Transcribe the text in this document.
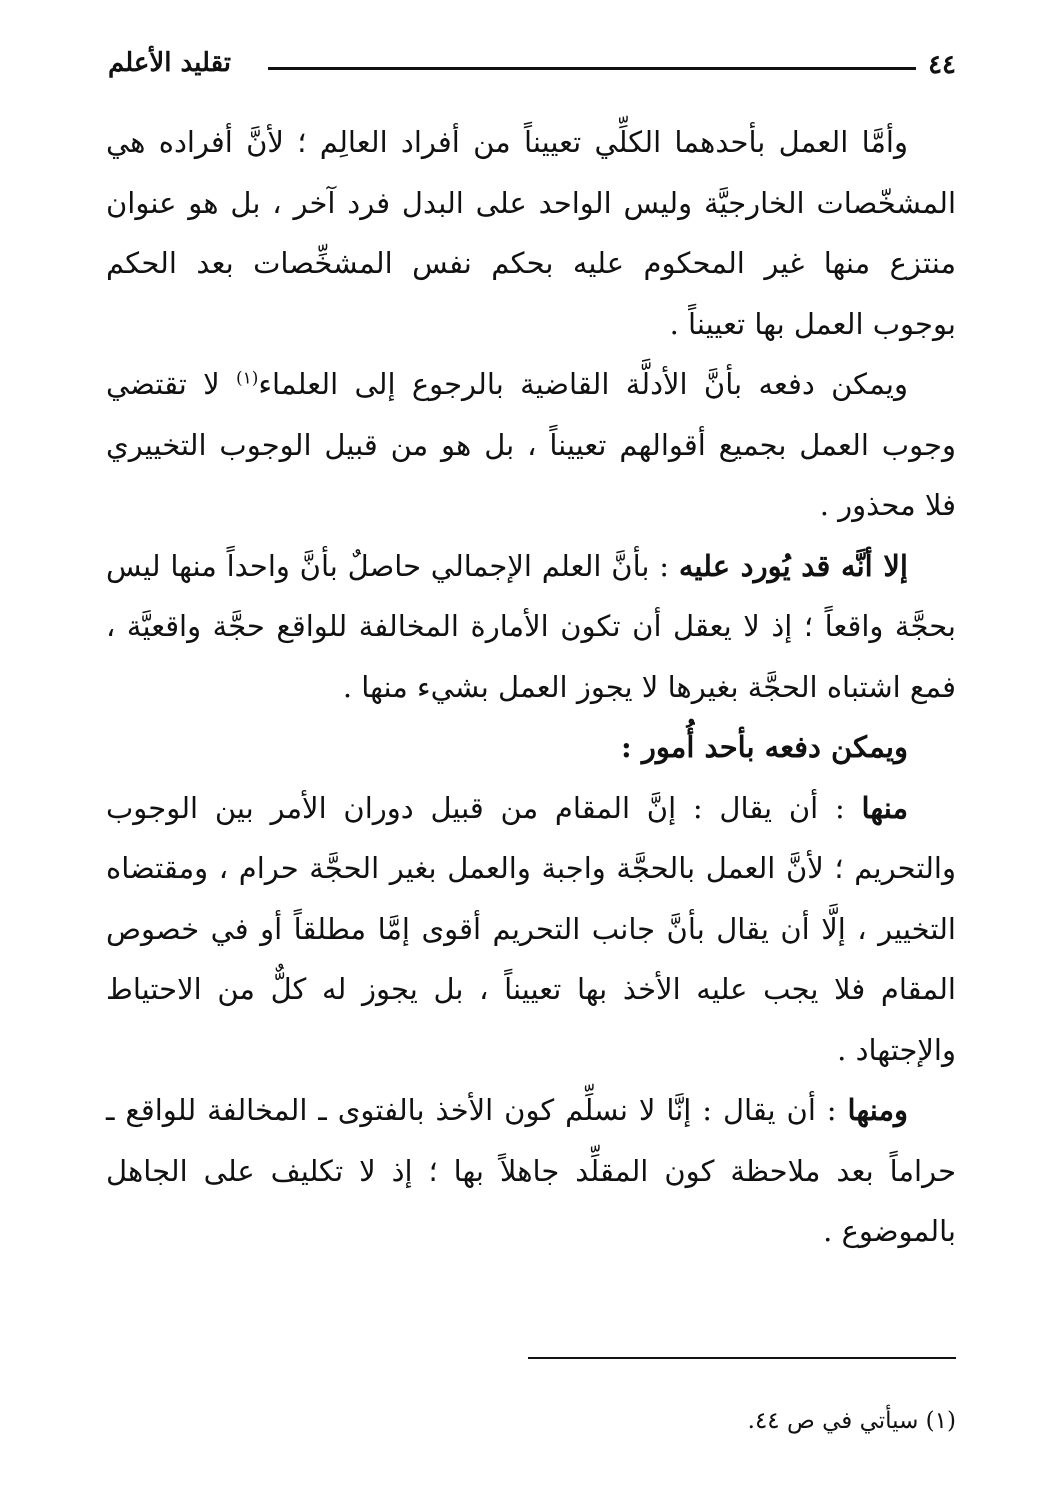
٤٤
تقليد الأعلم

وأمَّا العمل بأحدهما الكلِّي تعييناً من أفراد العالِم ؛ لأنَّ أفراده هي المشخّصات الخارجيَّة وليس الواحد على البدل فرد آخر ، بل هو عنوان منتزع منها غير المحكوم عليه بحكم نفس المشخِّصات بعد الحكم بوجوب العمل بها تعييناً .

ويمكن دفعه بأنَّ الأدلَّة القاضية بالرجوع إلى العلماء$^{(١)}$ لا تقتضي وجوب العمل بجميع أقوالهم تعييناً ، بل هو من قبيل الوجوب التخييري فلا محذور .

إلا أنَّه قد يُورد عليه : بأنَّ العلم الإجمالي حاصلٌ بأنَّ واحداً منها ليس بحجَّة واقعاً ؛ إذ لا يعقل أن تكون الأمارة المخالفة للواقع حجَّة واقعيَّة ، فمع اشتباه الحجَّة بغيرها لا يجوز العمل بشيء منها .

ويمكن دفعه بأحد أُمور :

منها : أن يقال : إنَّ المقام من قبيل دوران الأمر بين الوجوب والتحريم ؛ لأنَّ العمل بالحجَّة واجبة والعمل بغير الحجَّة حرام ، ومقتضاه التخيير ، إلَّا أن يقال بأنَّ جانب التحريم أقوى إمَّا مطلقاً أو في خصوص المقام فلا يجب عليه الأخذ بها تعييناً ، بل يجوز له كلٌّ من الاحتياط والإجتهاد .

ومنها : أن يقال : إنَّا لا نسلِّم كون الأخذ بالفتوى ـ المخالفة للواقع ـ حراماً بعد ملاحظة كون المقلِّد جاهلاً بها ؛ إذ لا تكليف على الجاهل بالموضوع .

(١) سيأتي في ص ٤٤.
